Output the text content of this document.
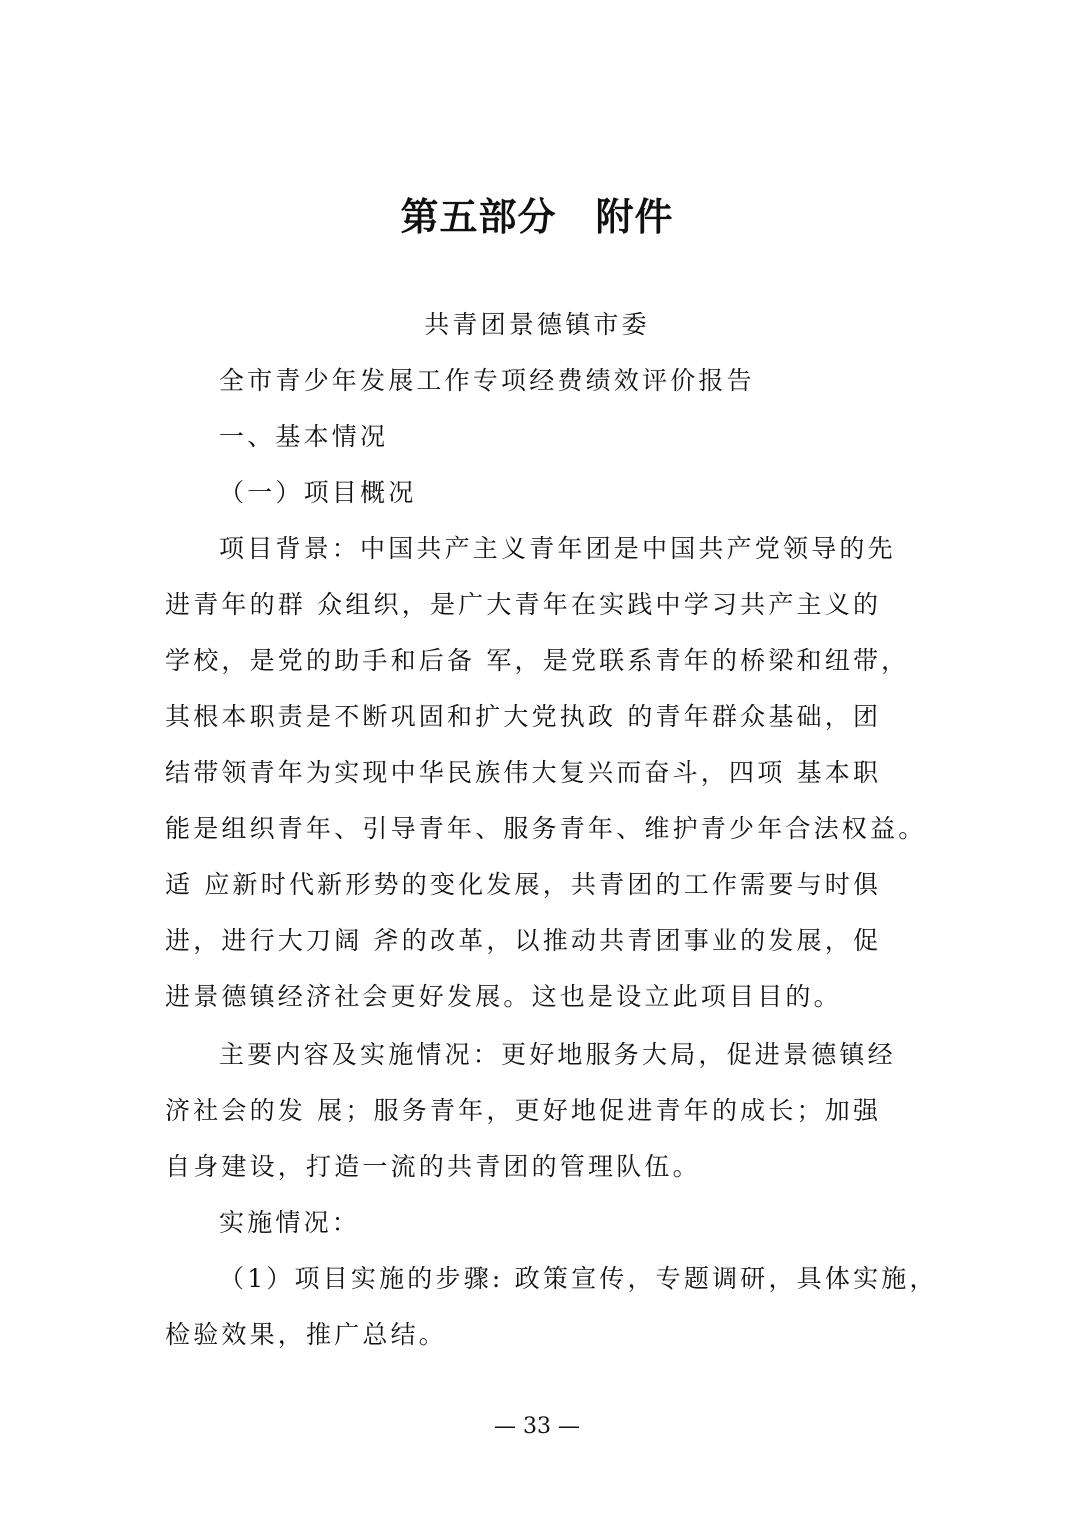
第五部分　附件

共青团景德镇市委

全市青少年发展工作专项经费绩效评价报告

一、基本情况

（一）项目概况

项目背景：中国共产主义青年团是中国共产党领导的先

进青年的群 众组织，是广大青年在实践中学习共产主义的

学校，是党的助手和后备 军，是党联系青年的桥梁和纽带，

其根本职责是不断巩固和扩大党执政 的青年群众基础，团

结带领青年为实现中华民族伟大复兴而奋斗，四项 基本职

能是组织青年、引导青年、服务青年、维护青少年合法权益。

适 应新时代新形势的变化发展，共青团的工作需要与时俱

进，进行大刀阔 斧的改革，以推动共青团事业的发展，促

进景德镇经济社会更好发展。这也是设立此项目目的。

主要内容及实施情况：更好地服务大局，促进景德镇经

济社会的发 展；服务青年，更好地促进青年的成长；加强

自身建设，打造一流的共青团的管理队伍。

实施情况：

（1）项目实施的步骤: 政策宣传，专题调研，具体实施，

检验效果，推广总结。

— 33 —
